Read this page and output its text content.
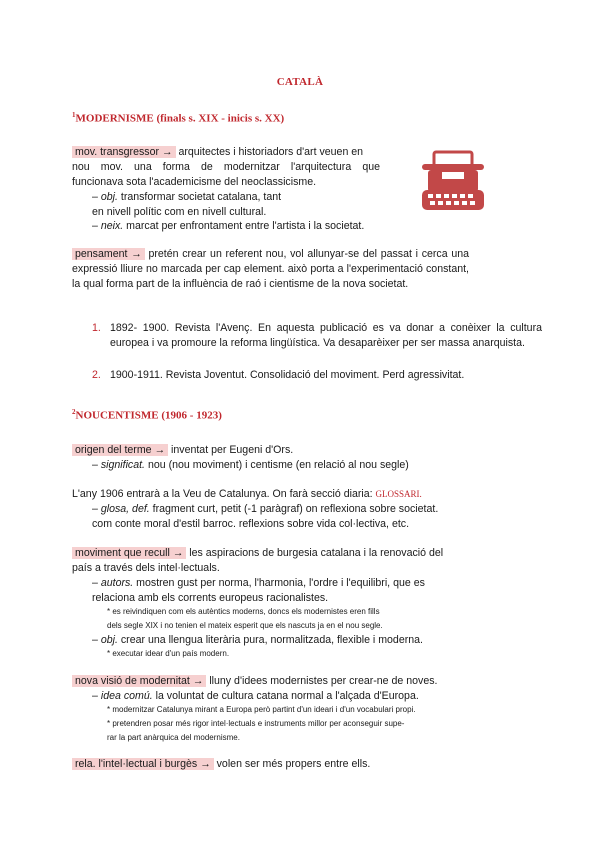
CATALÀ
$^1$MODERNISME (finals s. XIX - inicis s. XX)
mov. transgressor → arquitectes i historiadors d'art veuen en
nou mov. una forma de modernitzar l'arquitectura que
funcionava sota l'academicisme del neoclassicisme.
– obj. transformar societat catalana, tant
en nivell polític com en nivell cultural.
– neix. marcat per enfrontament entre l'artista i la societat.
pensament → pretén crear un referent nou, vol allunyar-se del passat i cerca una expressió lliure no marcada per cap element. això porta a l'experimentació constant, la qual forma part de la influència de raó i cientisme de la nova societat.
1. 1892- 1900. Revista l'Avenç. En aquesta publicació es va donar a conèixer la cultura europea i va promoure la reforma lingüística. Va desaparèixer per ser massa anarquista.
2. 1900-1911. Revista Joventut. Consolidació del moviment. Perd agressivitat.
$^2$NOUCENTISME (1906 - 1923)
origen del terme → inventat per Eugeni d'Ors.
– significat. nou (nou moviment) i centisme (en relació al nou segle)
L'any 1906 entrarà a la Veu de Catalunya. On farà secció diaria: GLOSSARI.
– glosa, def. fragment curt, petit (-1 paràgraf) on reflexiona sobre societat.
com conte moral d'estil barroc. reflexions sobre vida col·lectiva, etc.
moviment que recull → les aspiracions de burgesia catalana i la renovació del
país a través dels intel·lectuals.
– autors. mostren gust per norma, l'harmonia, l'ordre i l'equilibri, que es
relaciona amb els corrents europeus racionalistes.
* es reivindiquen com els autèntics moderns, doncs els modernistes eren fills
dels segle XIX i no tenien el mateix esperit que els nascuts ja en el nou segle.
– obj. crear una llengua literària pura, normalitzada, flexible i moderna.
* executar idear d'un país modern.
nova visió de modernitat → lluny d'idees modernistes per crear-ne de noves.
– idea comú. la voluntat de cultura catana normal a l'alçada d'Europa.
* modernitzar Catalunya mirant a Europa però partint d'un ideari i d'un vocabulari propi.
* pretendren posar més rigor intel·lectuals e instruments millor per aconseguir supe-
rar la part anàrquica del modernisme.
rela. l'intel·lectual i burgès → volen ser més propers entre ells.
